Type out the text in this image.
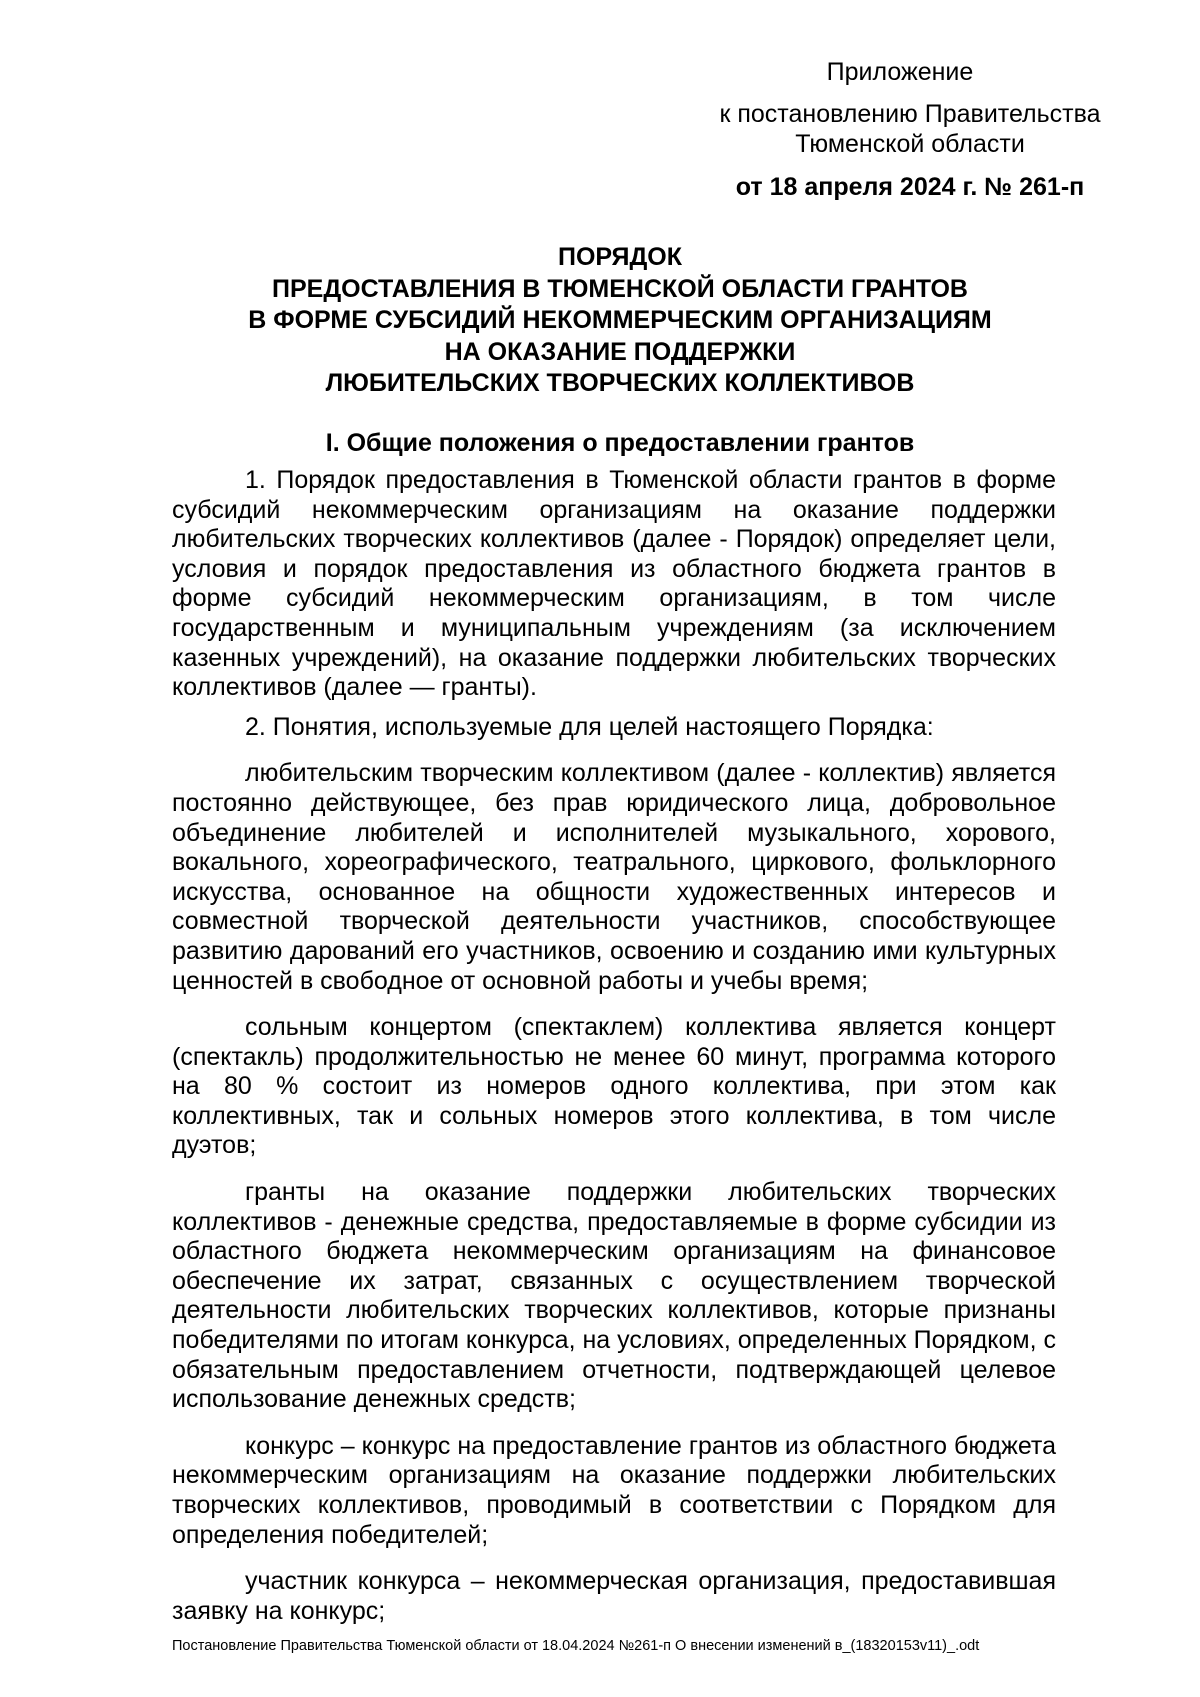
Приложение
к постановлению Правительства
Тюменской области
от 18 апреля 2024 г. № 261-п
ПОРЯДОК
ПРЕДОСТАВЛЕНИЯ В ТЮМЕНСКОЙ ОБЛАСТИ ГРАНТОВ
В ФОРМЕ СУБСИДИЙ НЕКОММЕРЧЕСКИМ ОРГАНИЗАЦИЯМ
НА ОКАЗАНИЕ ПОДДЕРЖКИ
ЛЮБИТЕЛЬСКИХ ТВОРЧЕСКИХ КОЛЛЕКТИВОВ
I. Общие положения о предоставлении грантов

1. Порядок предоставления в Тюменской области грантов в форме субсидий некоммерческим организациям на оказание поддержки любительских творческих коллективов (далее - Порядок) определяет цели, условия и порядок предоставления из областного бюджета грантов в форме субсидий некоммерческим организациям, в том числе государственным и муниципальным учреждениям (за исключением казенных учреждений), на оказание поддержки любительских творческих коллективов (далее — гранты).

2. Понятия, используемые для целей настоящего Порядка:

любительским творческим коллективом (далее - коллектив) является постоянно действующее, без прав юридического лица, добровольное объединение любителей и исполнителей музыкального, хорового, вокального, хореографического, театрального, циркового, фольклорного искусства, основанное на общности художественных интересов и совместной творческой деятельности участников, способствующее развитию дарований его участников, освоению и созданию ими культурных ценностей в свободное от основной работы и учебы время;

сольным концертом (спектаклем) коллектива является концерт (спектакль) продолжительностью не менее 60 минут, программа которого на 80 % состоит из номеров одного коллектива, при этом как коллективных, так и сольных номеров этого коллектива, в том числе дуэтов;

гранты на оказание поддержки любительских творческих коллективов - денежные средства, предоставляемые в форме субсидии из областного бюджета некоммерческим организациям на финансовое обеспечение их затрат, связанных с осуществлением творческой деятельности любительских творческих коллективов, которые признаны победителями по итогам конкурса, на условиях, определенных Порядком, с обязательным предоставлением отчетности, подтверждающей целевое использование денежных средств;

конкурс – конкурс на предоставление грантов из областного бюджета некоммерческим организациям на оказание поддержки любительских творческих коллективов, проводимый в соответствии с Порядком для определения победителей;

участник конкурса – некоммерческая организация, предоставившая заявку на конкурс;

Постановление Правительства Тюменской области от 18.04.2024 №261-п О внесении изменений в_(18320153v11)_.odt
